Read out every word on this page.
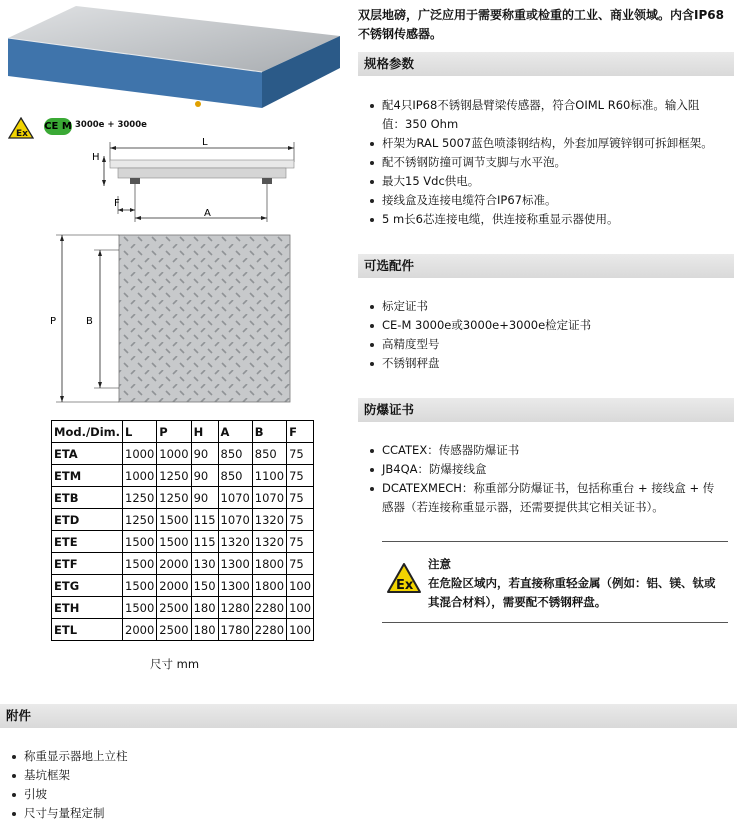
DINI ARGEO
Ex
CE M 3000e + 3000e
L
H
A
F
P	B
Mod./Dim.	L	P	H	A	B	F
ETA	1000	1000	90	850	850	75
ETM	1000	1250	90	850	1100	75
ETB	1250	1250	90	1070	1070	75
ETD	1250	1500	115	1070	1320	75
ETE	1500	1500	115	1320	1320	75
ETF	1500	2000	130	1300	1800	75
ETG	1500	2000	150	1300	1800	100
ETH	1500	2500	180	1280	2280	100
ETL	2000	2500	180	1780	2280	100
尺寸 mm
双层地磅，广泛应用于需要称重或检重的工业、商业领域。内含IP68不锈钢传感器。
规格参数
配4只IP68不锈钢悬臂梁传感器，符合OIML R60标准。输入阻
值：350 Ohm
杆架为RAL 5007蓝色喷漆钢结构，外套加厚镀锌钢可拆卸框架。
配不锈钢防撞可调节支脚与水平泡。
最大15 Vdc供电。
接线盒及连接电缆符合IP67标准。
5 m长6芯连接电缆，供连接称重显示器使用。
可选配件
标定证书
CE-M 3000e或3000e+3000e检定证书
高精度型号
不锈钢秤盘
防爆证书
CCATEX：传感器防爆证书
JB4QA：防爆接线盒
DCATEXMECH：称重部分防爆证书，包括称重台 + 接线盒 + 传
感器（若连接称重显示器，还需要提供其它相关证书）。
Ex
注意
在危险区域内，若直接称重轻金属（例如：铝、镁、钛或其混合材料），需要配不锈钢秤盘。
附件
称重显示器地上立柱
基坑框架
引坡
尺寸与量程定制
